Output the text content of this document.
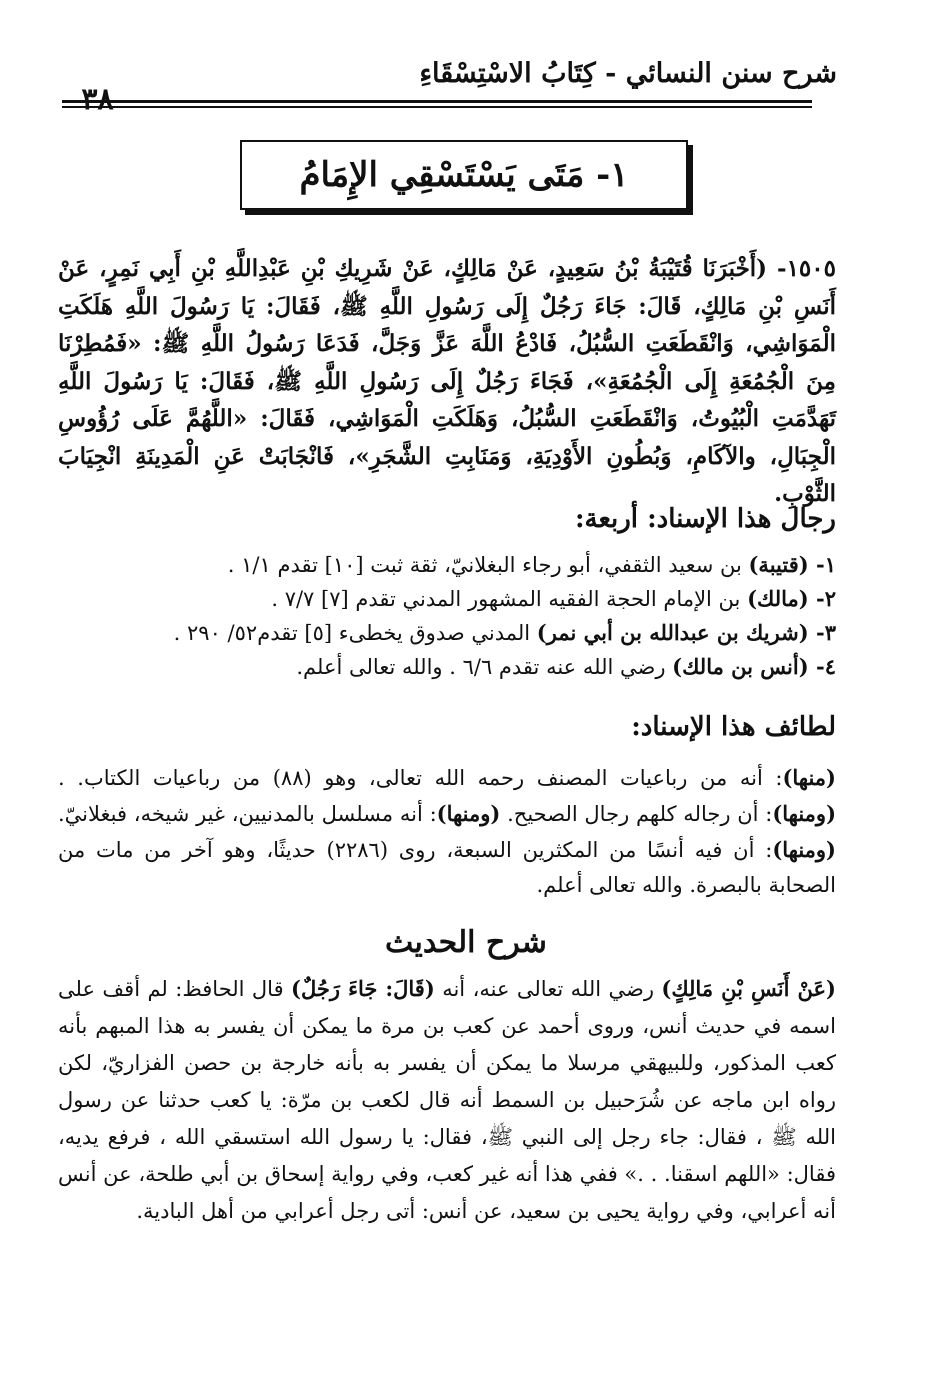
شرح سنن النسائي - كِتَابُ الاسْتِسْقَاءِ
٣٨
١- مَتَى يَسْتَسْقِي الإِمَامُ
١٥٠٥- (أَخْبَرَنَا قُتَيْبَةُ بْنُ سَعِيدٍ، عَنْ مَالِكٍ، عَنْ شَرِيكِ بْنِ عَبْدِاللَّهِ بْنِ أَبِي نَمِرٍ، عَنْ أَنَسِ بْنِ مَالِكٍ، قَالَ: جَاءَ رَجُلٌ إِلَى رَسُولِ اللَّهِ ﷺ، فَقَالَ: يَا رَسُولَ اللَّهِ هَلَكَتِ الْمَوَاشِي، وَانْقَطَعَتِ السُّبُلُ، فَادْعُ اللَّهَ عَزَّ وَجَلَّ، فَدَعَا رَسُولُ اللَّهِ ﷺ: «فَمُطِرْنَا مِنَ الْجُمُعَةِ إِلَى الْجُمُعَةِ»، فَجَاءَ رَجُلٌ إِلَى رَسُولِ اللَّهِ ﷺ، فَقَالَ: يَا رَسُولَ اللَّهِ تَهَدَّمَتِ الْبُيُوتُ، وَانْقَطَعَتِ السُّبُلُ، وَهَلَكَتِ الْمَوَاشِي، فَقَالَ: «اللَّهُمَّ عَلَى رُؤُوسِ الْجِبَالِ، والآكَامِ، وَبُطُونِ الأَوْدِيَةِ، وَمَنَابِتِ الشَّجَرِ»، فَانْجَابَتْ عَنِ الْمَدِينَةِ انْجِيَابَ الثَّوْبِ.
رجال هذا الإسناد: أربعة:
١- (قتيبة) بن سعيد الثقفي، أبو رجاء البغلانيّ، ثقة ثبت [١٠] تقدم ١/١ .
٢- (مالك) بن الإمام الحجة الفقيه المشهور المدني تقدم [٧] ٧/٧ .
٣- (شريك بن عبدالله بن أبي نمر) المدني صدوق يخطىء [٥] تقدم٥٢/ ٢٩٠ .
٤- (أنس بن مالك) رضي الله عنه تقدم ٦/٦ . والله تعالى أعلم.
لطائف هذا الإسناد:
(منها): أنه من رباعيات المصنف رحمه الله تعالى، وهو (٨٨) من رباعيات الكتاب. . (ومنها): أن رجاله كلهم رجال الصحيح. (ومنها): أنه مسلسل بالمدنيين، غير شيخه، فبغلانيّ. (ومنها): أن فيه أنسًا من المكثرين السبعة، روى (٢٢٨٦) حديثًا، وهو آخر من مات من الصحابة بالبصرة. والله تعالى أعلم.
شرح الحديث
(عَنْ أَنَسِ بْنِ مَالِكٍ) رضي الله تعالى عنه، أنه (قَالَ: جَاءَ رَجُلٌ) قال الحافظ: لم أقف على اسمه في حديث أنس، وروى أحمد عن كعب بن مرة ما يمكن أن يفسر به هذا المبهم بأنه كعب المذكور، وللبيهقي مرسلا ما يمكن أن يفسر به بأنه خارجة بن حصن الفزاريّ، لكن رواه ابن ماجه عن شُرَحبيل بن السمط أنه قال لكعب بن مرّة: يا كعب حدثنا عن رسول الله ﷺ ، فقال: جاء رجل إلى النبي ﷺ، فقال: يا رسول الله استسقي الله ، فرفع يديه، فقال: «اللهم اسقنا. . .» ففي هذا أنه غير كعب، وفي رواية إسحاق بن أبي طلحة، عن أنس أنه أعرابي، وفي رواية يحيى بن سعيد، عن أنس: أتى رجل أعرابي من أهل البادية.
